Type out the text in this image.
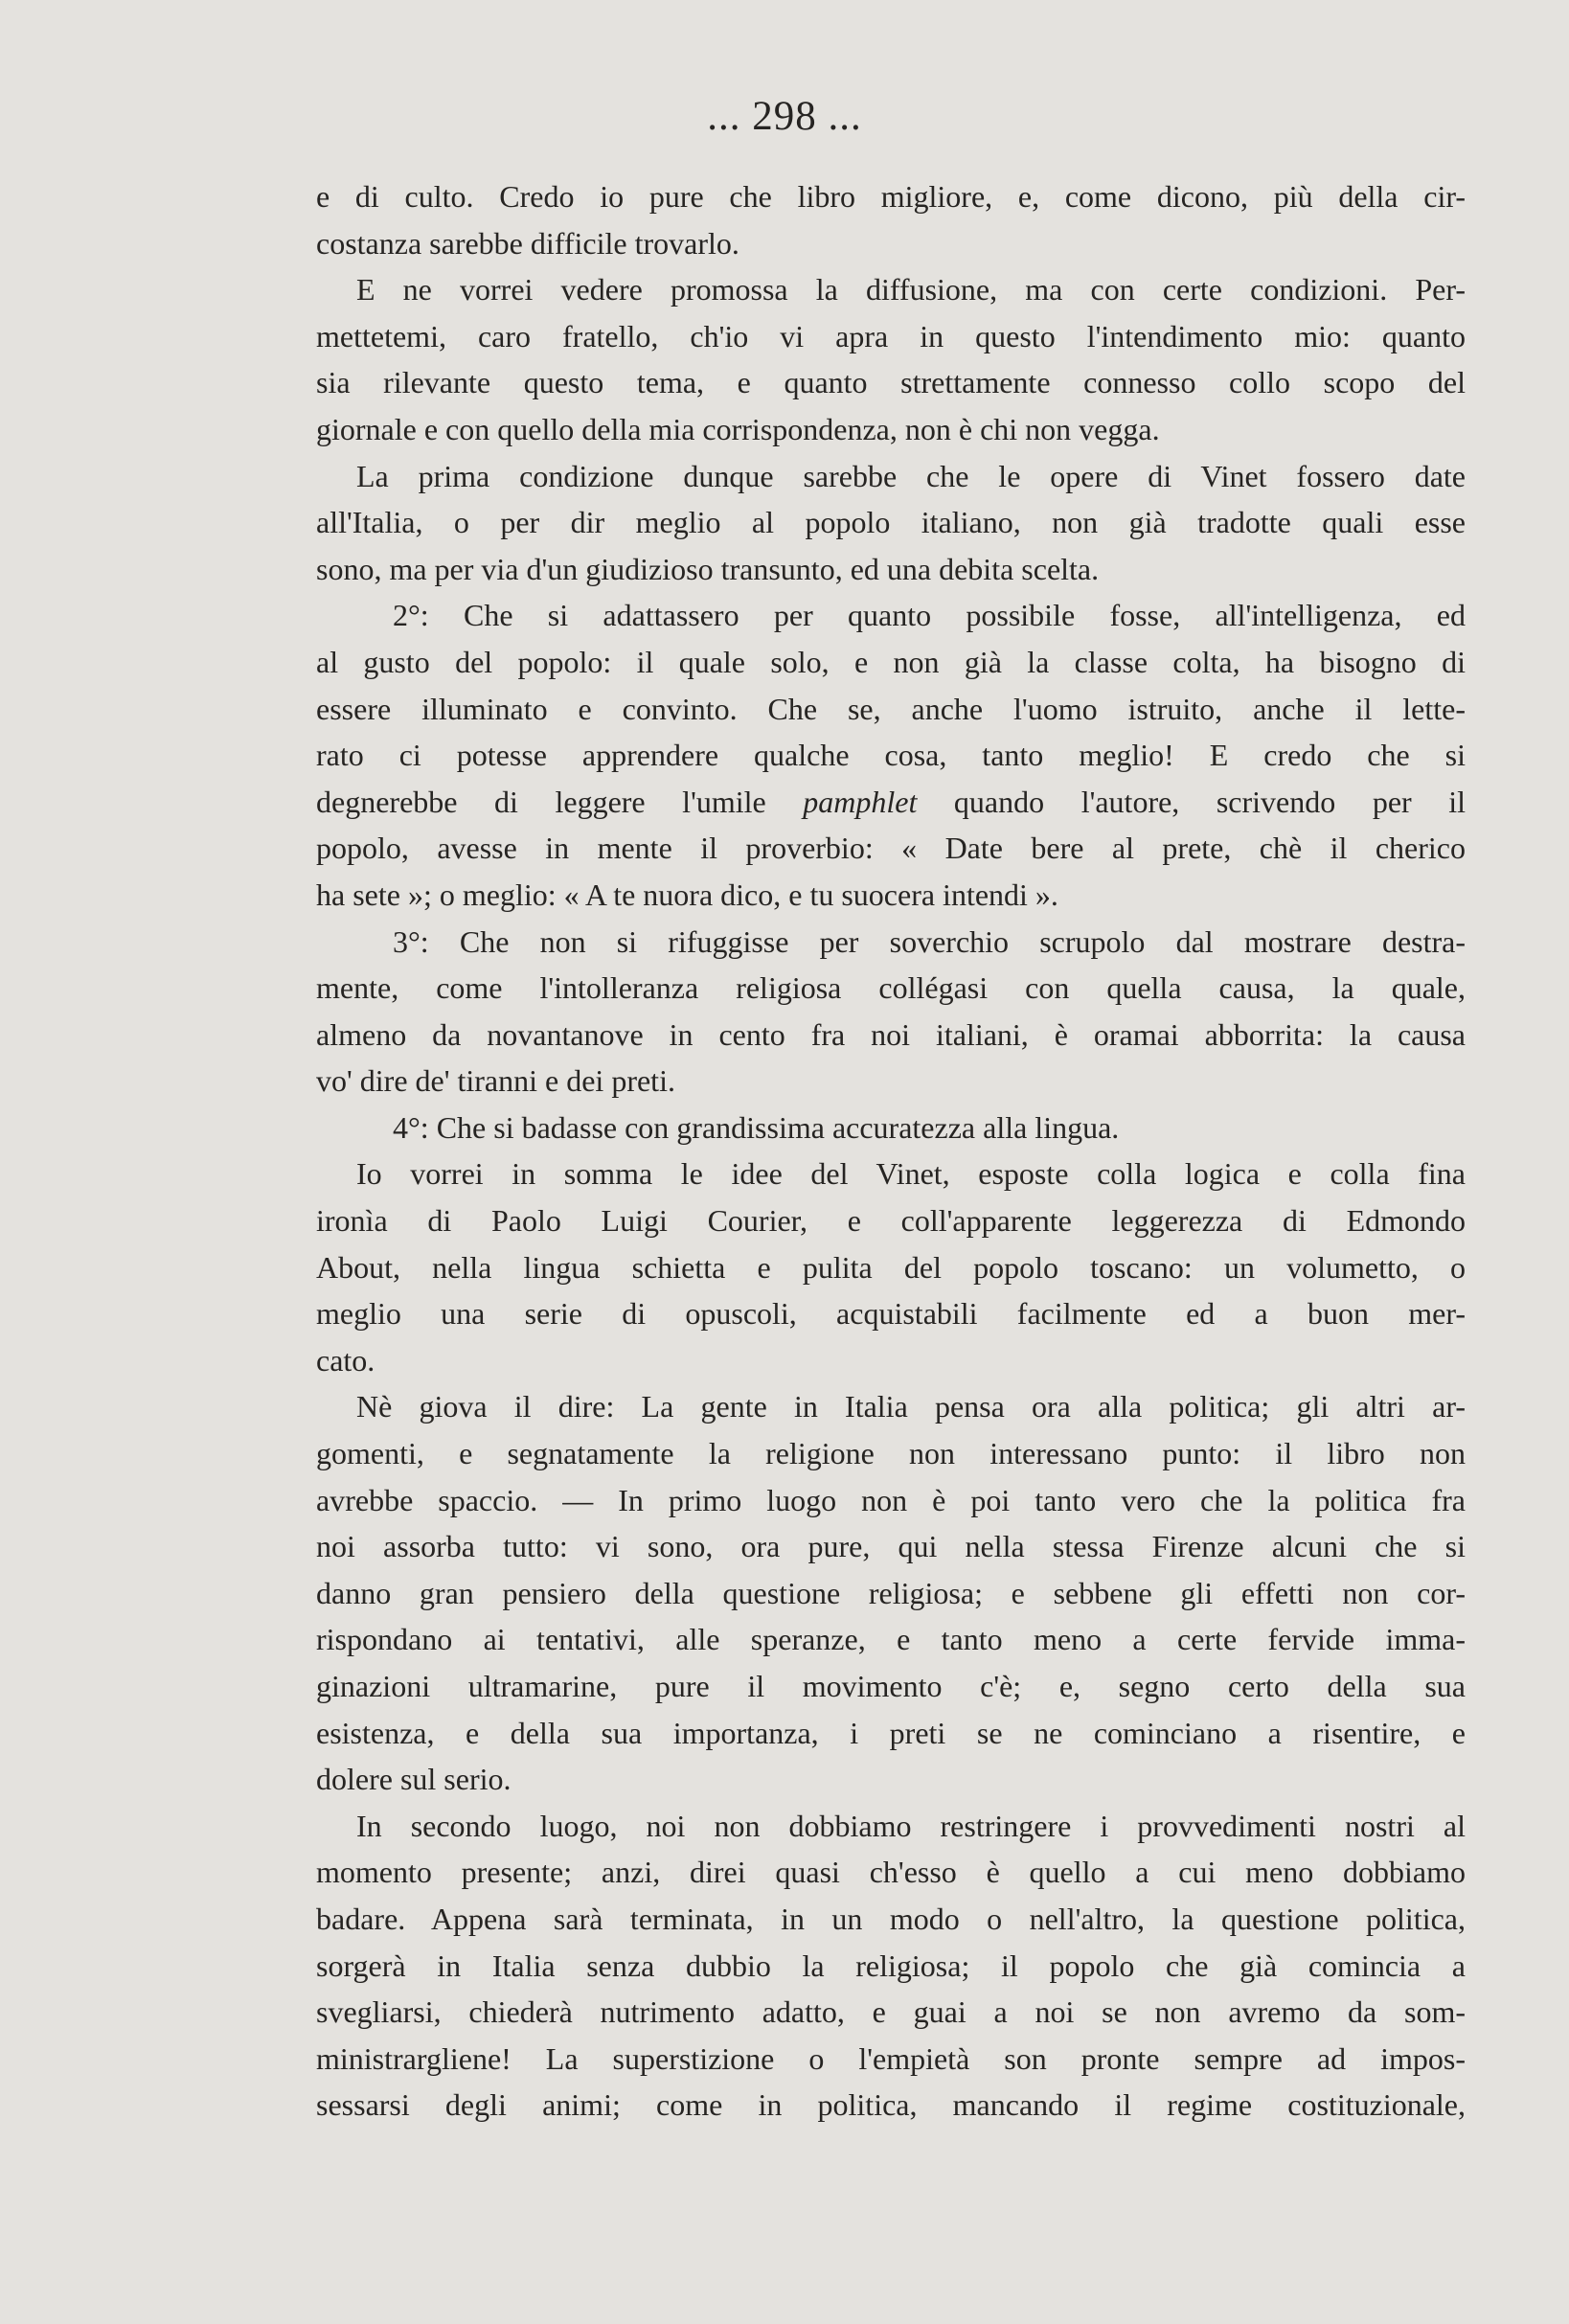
... 298 ...
e di culto. Credo io pure che libro migliore, e, come dicono, più della cir-
costanza sarebbe difficile trovarlo.
E ne vorrei vedere promossa la diffusione, ma con certe condizioni. Per-
mettetemi, caro fratello, ch'io vi apra in questo l'intendimento mio: quanto
sia rilevante questo tema, e quanto strettamente connesso collo scopo del
giornale e con quello della mia corrispondenza, non è chi non vegga.
La prima condizione dunque sarebbe che le opere di Vinet fossero date
all'Italia, o per dir meglio al popolo italiano, non già tradotte quali esse
sono, ma per via d'un giudizioso transunto, ed una debita scelta.
2°: Che si adattassero per quanto possibile fosse, all'intelligenza, ed
al gusto del popolo: il quale solo, e non già la classe colta, ha bisogno di
essere illuminato e convinto. Che se, anche l'uomo istruito, anche il lette-
rato ci potesse apprendere qualche cosa, tanto meglio! E credo che si
degnerebbe di leggere l'umile pamphlet quando l'autore, scrivendo per il
popolo, avesse in mente il proverbio: « Date bere al prete, chè il cherico
ha sete »; o meglio: « A te nuora dico, e tu suocera intendi ».
3°: Che non si rifuggisse per soverchio scrupolo dal mostrare destra-
mente, come l'intolleranza religiosa collégasi con quella causa, la quale,
almeno da novantanove in cento fra noi italiani, è oramai abborrita: la causa
vo' dire de' tiranni e dei preti.
4°: Che si badasse con grandissima accuratezza alla lingua.
Io vorrei in somma le idee del Vinet, esposte colla logica e colla fina
ironìa di Paolo Luigi Courier, e coll'apparente leggerezza di Edmondo
About, nella lingua schietta e pulita del popolo toscano: un volumetto, o
meglio una serie di opuscoli, acquistabili facilmente ed a buon mer-
cato.
Nè giova il dire: La gente in Italia pensa ora alla politica; gli altri ar-
gomenti, e segnatamente la religione non interessano punto: il libro non
avrebbe spaccio. — In primo luogo non è poi tanto vero che la politica fra
noi assorba tutto: vi sono, ora pure, qui nella stessa Firenze alcuni che si
danno gran pensiero della questione religiosa; e sebbene gli effetti non cor-
rispondano ai tentativi, alle speranze, e tanto meno a certe fervide imma-
ginazioni ultramarine, pure il movimento c'è; e, segno certo della sua
esistenza, e della sua importanza, i preti se ne cominciano a risentire, e
dolere sul serio.
In secondo luogo, noi non dobbiamo restringere i provvedimenti nostri al
momento presente; anzi, direi quasi ch'esso è quello a cui meno dobbiamo
badare. Appena sarà terminata, in un modo o nell'altro, la questione politica,
sorgerà in Italia senza dubbio la religiosa; il popolo che già comincia a
svegliarsi, chiederà nutrimento adatto, e guai a noi se non avremo da som-
ministrargliene! La superstizione o l'empietà son pronte sempre ad impos-
sessarsi degli animi; come in politica, mancando il regime costituzionale,
